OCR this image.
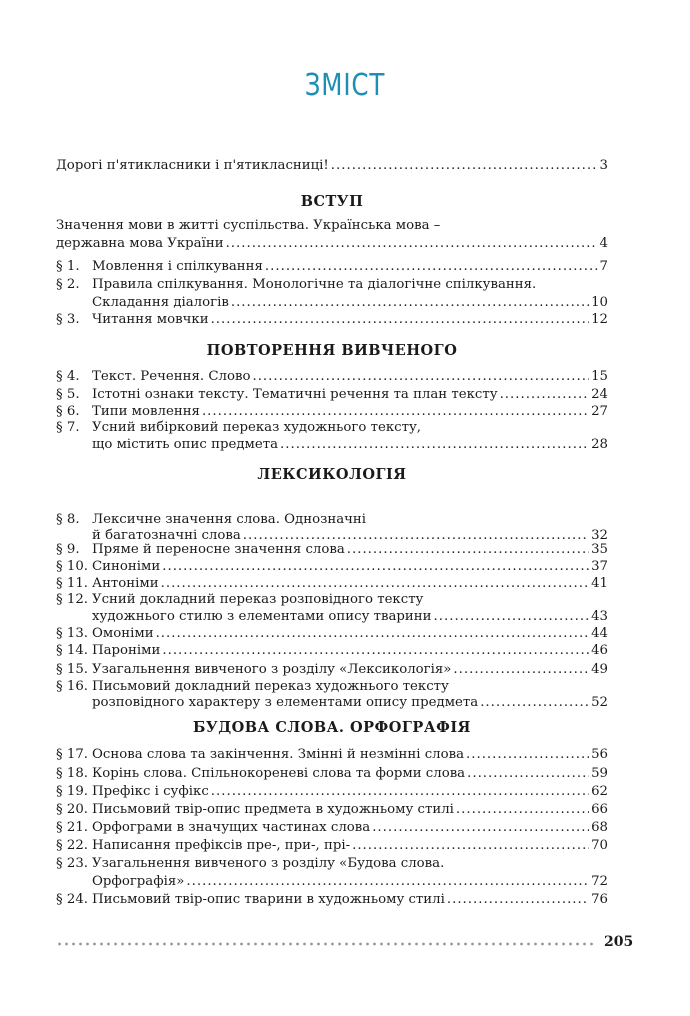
ЗМІСТ
Дорогі п'ятикласники і п'ятикласниці! .....	3
ВСТУП
Значення мови в житті суспільства. Українська мова –
державна мова України .....	4
§ 1. Мовлення і спілкування .....	7
§ 2. Правила спілкування. Монологічне та діалогічне спілкування.
Складання діалогів .....	10
§ 3. Читання мовчки .....	12
ПОВТОРЕННЯ ВИВЧЕНОГО
§ 4. Текст. Речення. Слово .....	15
§ 5. Істотні ознаки тексту. Тематичні речення та план тексту .....	24
§ 6. Типи мовлення .....	27
§ 7. Усний вибірковий переказ художнього тексту,
що містить опис предмета .....	28
ЛЕКСИКОЛОГІЯ
§ 8. Лексичне значення слова. Однозначні
й багатозначні слова .....	32
§ 9. Пряме й переносне значення слова .....	35
§ 10. Синоніми .....	37
§ 11. Антоніми .....	41
§ 12. Усний докладний переказ розповідного тексту
художнього стилю з елементами опису тварини .....	43
§ 13. Омоніми .....	44
§ 14. Пароніми .....	46
§ 15. Узагальнення вивченого з розділу «Лексикологія» .....	49
§ 16. Письмовий докладний переказ художнього тексту
розповідного характеру з елементами опису предмета .....	52
БУДОВА СЛОВА. ОРФОГРАФІЯ
§ 17. Основа слова та закінчення. Змінні й незмінні слова .....	56
§ 18. Корінь слова. Спільнокореневі слова та форми слова .....	59
§ 19. Префікс і суфікс .....	62
§ 20. Письмовий твір-опис предмета в художньому стилі .....	66
§ 21. Орфограми в значущих частинах слова .....	68
§ 22. Написання префіксів пре-, при-, прі- .....	70
§ 23. Узагальнення вивченого з розділу «Будова слова.
Орфографія» .....	72
§ 24. Письмовий твір-опис тварини в художньому стилі .....	76
205
